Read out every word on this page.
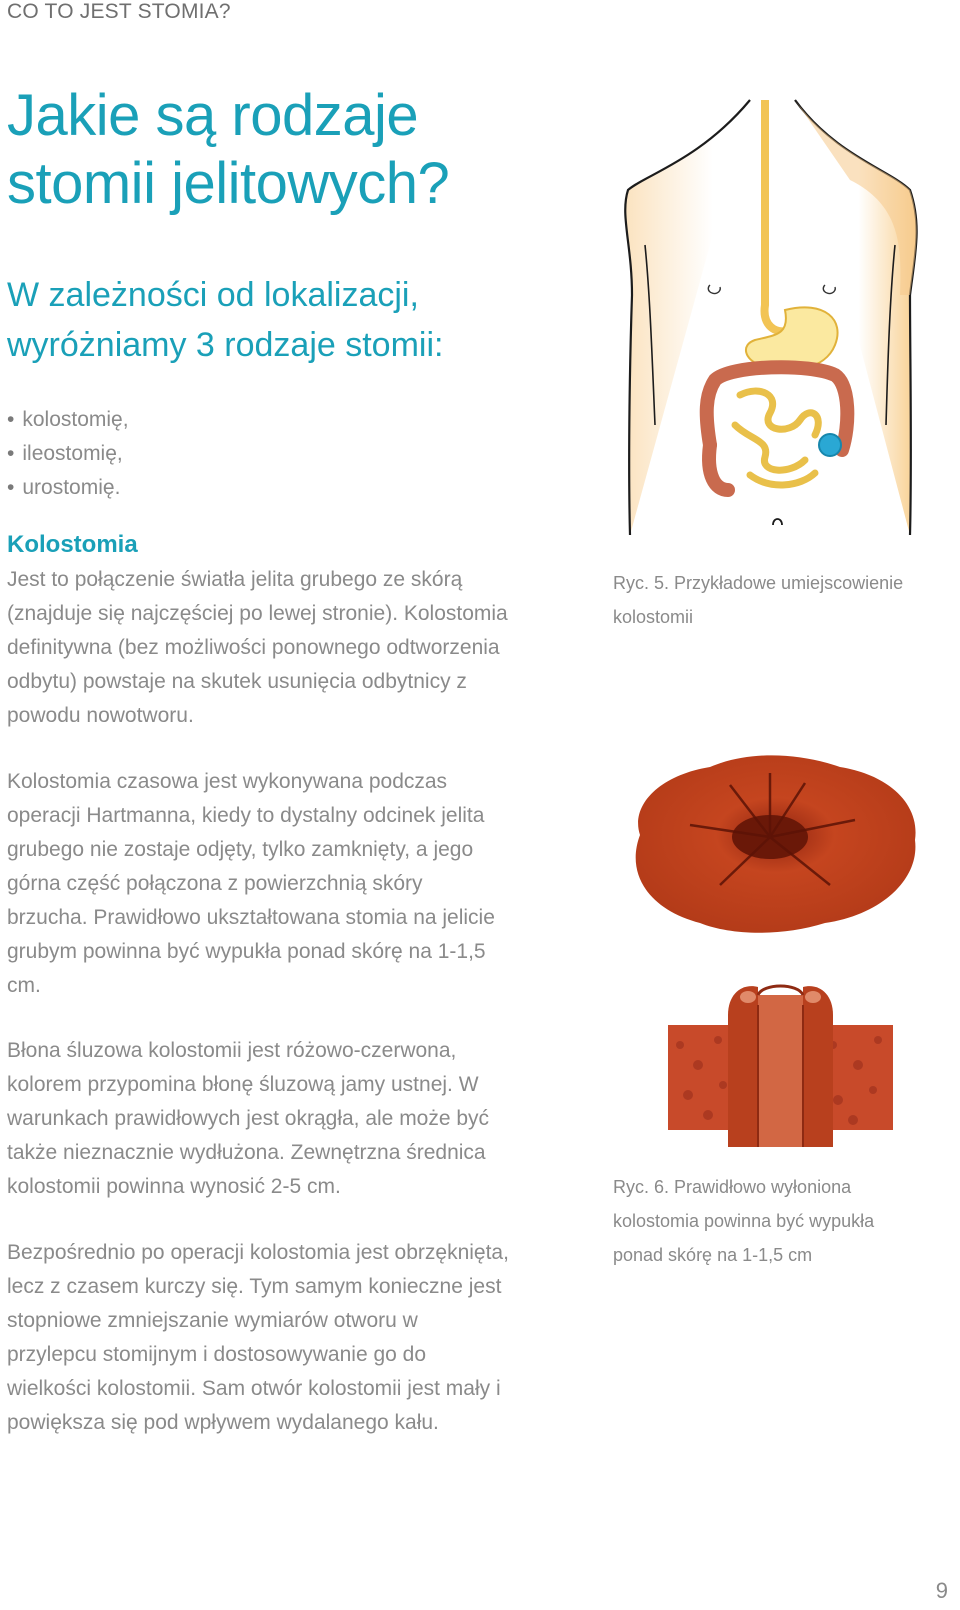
CO TO JEST STOMIA?
Jakie są rodzaje
stomii jelitowych?
W zależności od lokalizacji,
wyróżniamy 3 rodzaje stomii:
• kolostomię,
• ileostomię,
• urostomię.
Kolostomia

Jest to połączenie światła jelita grubego ze skórą (znajduje się najczęściej po lewej stronie). Kolostomia definitywna (bez możliwości ponownego odtworzenia odbytu) powstaje na skutek usunięcia odbytnicy z powodu nowotworu.

Kolostomia czasowa jest wykonywana podczas operacji Hartmanna, kiedy to dystalny odcinek jelita grubego nie zostaje odjęty, tylko zamknięty, a jego górna część połączona z powierzchnią skóry brzucha. Prawidłowo ukształtowana stomia na jelicie grubym powinna być wypukła ponad skórę na 1-1,5 cm.

Błona śluzowa kolostomii jest różowo-czerwona, kolorem przypomina błonę śluzową jamy ustnej. W warunkach prawidłowych jest okrągła, ale może być także nieznacznie wydłużona. Zewnętrzna średnica kolostomii powinna wynosić 2-5 cm.

Bezpośrednio po operacji kolostomia jest obrzęknięta, lecz z czasem kurczy się. Tym samym konieczne jest stopniowe zmniejszanie wymiarów otworu w przylepcu stomijnym i dostosowywanie go do wielkości kolostomii. Sam otwór kolostomii jest mały i powiększa się pod wpływem wydalanego kału.

Ryc. 5. Przykładowe umiejscowienie kolostomii
Ryc. 6. Prawidłowo wyłoniona kolostomia powinna być wypukła ponad skórę na 1-1,5 cm
9
